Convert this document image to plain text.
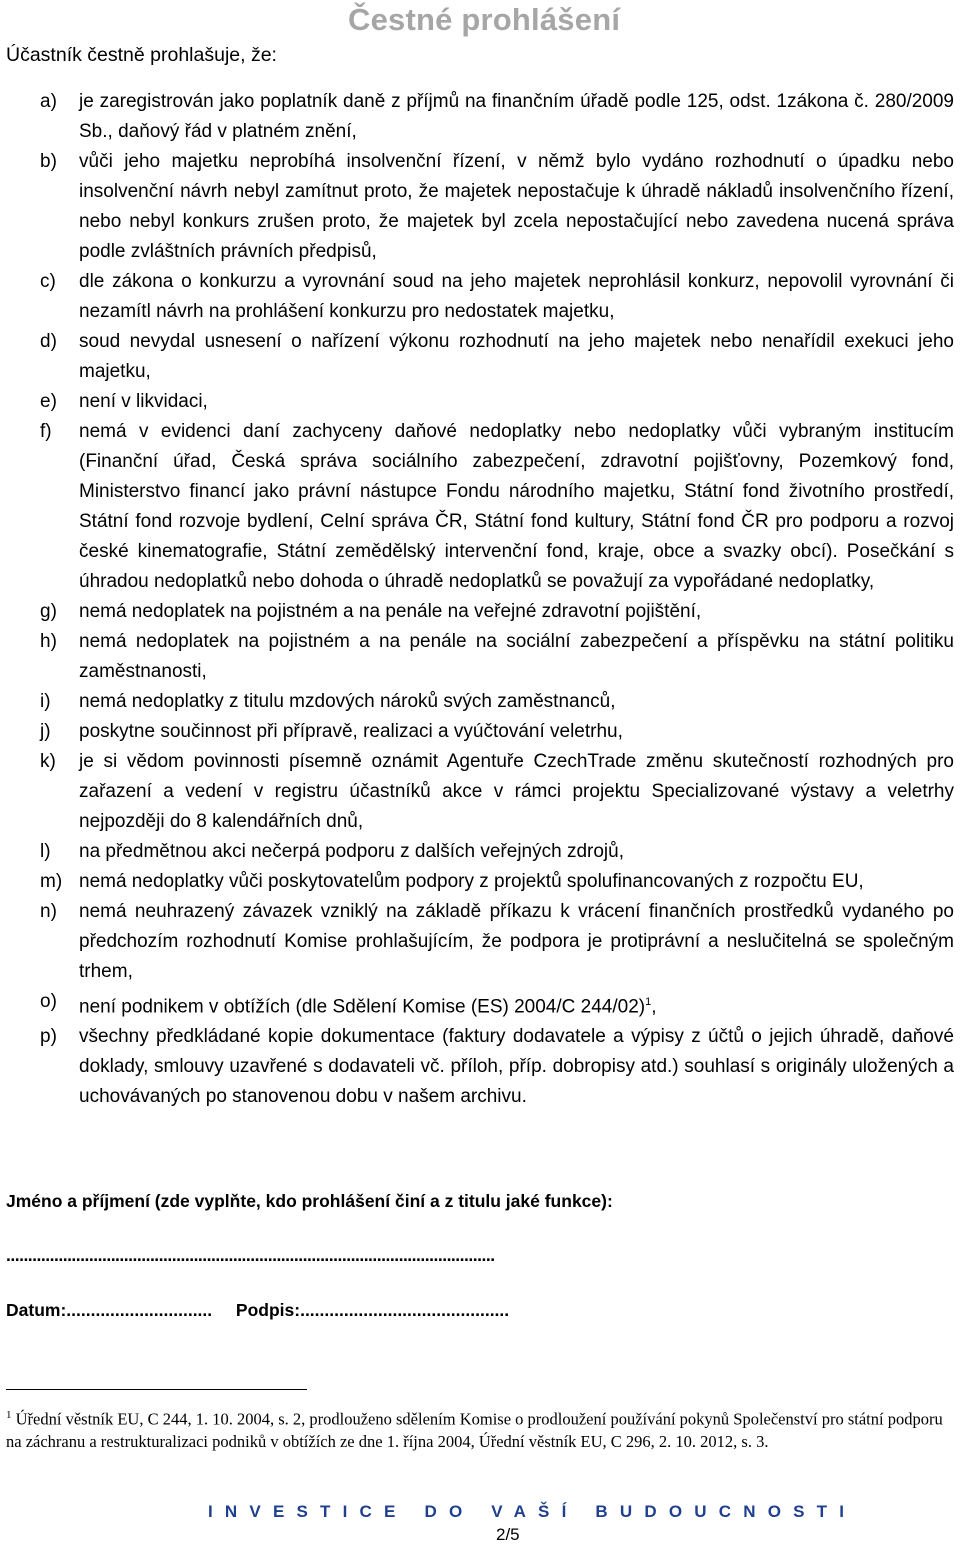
Čestné prohlášení
Účastník čestně prohlašuje, že:
a)	je zaregistrován jako poplatník daně z příjmů na finančním úřadě podle 125, odst. 1zákona č. 280/2009 Sb., daňový řád v platném znění,
b)	vůči jeho majetku neprobíhá insolvenční řízení, v němž bylo vydáno rozhodnutí o úpadku nebo insolvenční návrh nebyl zamítnut proto, že majetek nepostačuje k úhradě nákladů insolvenčního řízení, nebo nebyl konkurs zrušen proto, že majetek byl zcela nepostačující nebo zavedena nucená správa podle zvláštních právních předpisů,
c)	dle zákona o konkurzu a vyrovnání soud na jeho majetek neprohlásil konkurz, nepovolil vyrovnání či nezamítl návrh na prohlášení konkurzu pro nedostatek majetku,
d)	soud nevydal usnesení o nařízení výkonu rozhodnutí na jeho majetek nebo nenařídil exekuci jeho majetku,
e)	není v likvidaci,
f)	nemá v evidenci daní zachyceny daňové nedoplatky nebo nedoplatky vůči vybraným institucím (Finanční úřad, Česká správa sociálního zabezpečení, zdravotní pojišťovny, Pozemkový fond, Ministerstvo financí jako právní nástupce Fondu národního majetku, Státní fond životního prostředí, Státní fond rozvoje bydlení, Celní správa ČR, Státní fond kultury, Státní fond ČR pro podporu a rozvoj české kinematografie, Státní zemědělský intervenční fond, kraje, obce a svazky obcí). Posečkání s úhradou nedoplatků nebo dohoda o úhradě nedoplatků se považují za vypořádané nedoplatky,
g)	nemá nedoplatek na pojistném a na penále na veřejné zdravotní pojištění,
h)	nemá nedoplatek na pojistném a na penále na sociální zabezpečení a příspěvku na státní politiku zaměstnanosti,
i)	nemá nedoplatky z titulu mzdových nároků svých zaměstnanců,
j)	poskytne součinnost při přípravě, realizaci a vyúčtování veletrhu,
k)	je si vědom povinnosti písemně oznámit Agentuře CzechTrade změnu skutečností rozhodných pro zařazení a vedení v registru účastníků akce v rámci projektu Specializované výstavy a veletrhy nejpozději do 8 kalendářních dnů,
l)	na předmětnou akci nečerpá podporu z dalších veřejných zdrojů,
m) nemá nedoplatky vůči poskytovatelům podpory z projektů spolufinancovaných z rozpočtu EU,
n)	nemá neuhrazený závazek vzniklý na základě příkazu k vrácení finančních prostředků vydaného po předchozím rozhodnutí Komise prohlašujícím, že podpora je protiprávní a neslučitelná se společným trhem,
o)	není podnikem v obtížích (dle Sdělení Komise (ES) 2004/C 244/02)$^1$,
p)	všechny předkládané kopie dokumentace (faktury dodavatele a výpisy z účtů o jejich úhradě, daňové doklady, smlouvy uzavřené s dodavateli vč. příloh, příp. dobropisy atd.) souhlasí s originály uložených a uchovávaných po stanovenou dobu v našem archivu.
Jméno a příjmení (zde vyplňte, kdo prohlášení činí a z titulu jaké funkce):
................................................................................................................
Datum:.............................. Podpis:...........................................
$^1$ Úřední věstník EU, C 244, 1. 10. 2004, s. 2, prodlouženo sdělením Komise o prodloužení používání pokynů Společenství pro státní podporu na záchranu a restrukturalizaci podniků v obtížích ze dne 1. října 2004, Úřední věstník EU, C 296, 2. 10. 2012, s. 3.
INVESTICE DO VAŠÍ BUDOUCNOSTI
2/5
